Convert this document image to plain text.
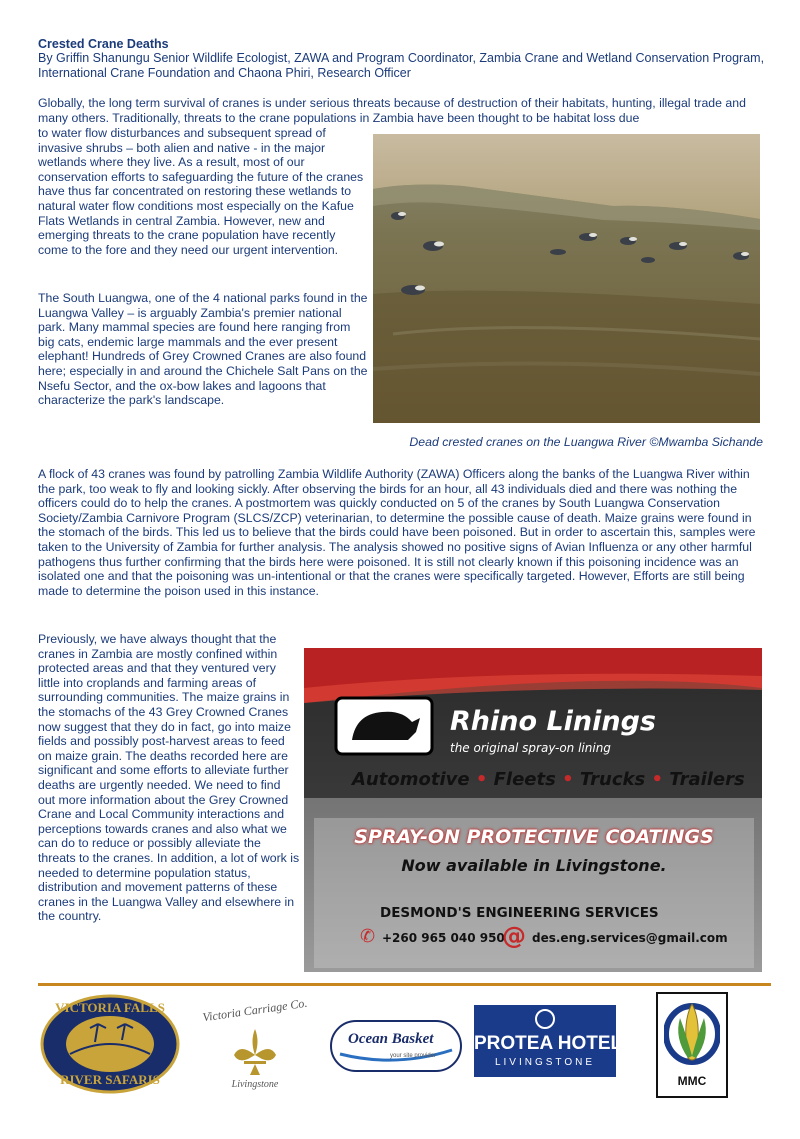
Crested Crane Deaths
By Griffin Shanungu Senior Wildlife Ecologist, ZAWA and Program Coordinator, Zambia Crane and Wetland Conservation Program, International Crane Foundation and Chaona Phiri, Research Officer
Globally, the long term survival of cranes is under serious threats because of destruction of their habitats, hunting, illegal trade and many others. Traditionally, threats to the crane populations in Zambia have been thought to be habitat loss due
to water flow disturbances and subsequent spread of invasive shrubs – both alien and native - in the major wetlands where they live. As a result, most of our conservation efforts to safeguarding the future of the cranes have thus far concentrated on restoring these wetlands to natural water flow conditions most especially on the Kafue Flats Wetlands in central Zambia. However, new and emerging threats to the crane population have recently come to the fore and they need our urgent intervention.
The South Luangwa, one of the 4 national parks found in the Luangwa Valley – is arguably Zambia's premier national park. Many mammal species are found here ranging from big cats, endemic large mammals and the ever present elephant! Hundreds of Grey Crowned Cranes are also found here; especially in and around the Chichele Salt Pans on the Nsefu Sector, and the ox-bow lakes and lagoons that characterize the park's landscape.
Dead crested cranes on the Luangwa River ©Mwamba Sichande
A flock of 43 cranes was found by patrolling Zambia Wildlife Authority (ZAWA) Officers along the banks of the Luangwa River within the park, too weak to fly and looking sickly. After observing the birds for an hour, all 43 individuals died and there was nothing the officers could do to help the cranes. A postmortem was quickly conducted on 5 of the cranes by South Luangwa Conservation Society/Zambia Carnivore Program (SLCS/ZCP) veterinarian, to determine the possible cause of death. Maize grains were found in the stomach of the birds. This led us to believe that the birds could have been poisoned. But in order to ascertain this, samples were taken to the University of Zambia for further analysis. The analysis showed no positive signs of Avian Influenza or any other harmful pathogens thus further confirming that the birds here were poisoned. It is still not clearly known if this poisoning incidence was an isolated one and that the poisoning was un-intentional or that the cranes were specifically targeted. However, Efforts are still being made to determine the poison used in this instance.
Previously, we have always thought that the cranes in Zambia are mostly confined within protected areas and that they ventured very little into croplands and farming areas of surrounding communities. The maize grains in the stomachs of the 43 Grey Crowned Cranes now suggest that they do in fact, go into maize fields and possibly post-harvest areas to feed on maize grain. The deaths recorded here are significant and some efforts to alleviate further deaths are urgently needed. We need to find out more information about the Grey Crowned Crane and Local Community interactions and perceptions towards cranes and also what we can do to reduce or possibly alleviate the threats to the cranes. In addition, a lot of work is needed to determine population status, distribution and movement patterns of these cranes in the Luangwa Valley and elsewhere in the country.
Rhino Linings
the original spray-on lining
Automotive • Fleets • Trucks • Trailers
SPRAY-ON PROTECTIVE COATINGS
Now available in Livingstone.
DESMOND'S ENGINEERING SERVICES
✆ +260 965 040 950
@ des.eng.services@gmail.com
VICTORIA FALLS
RIVER SAFARIS
Victoria Carriage Co.
Livingstone
Ocean Basket
your site provider
PROTEA HOTEL
LIVINGSTONE
MMC
